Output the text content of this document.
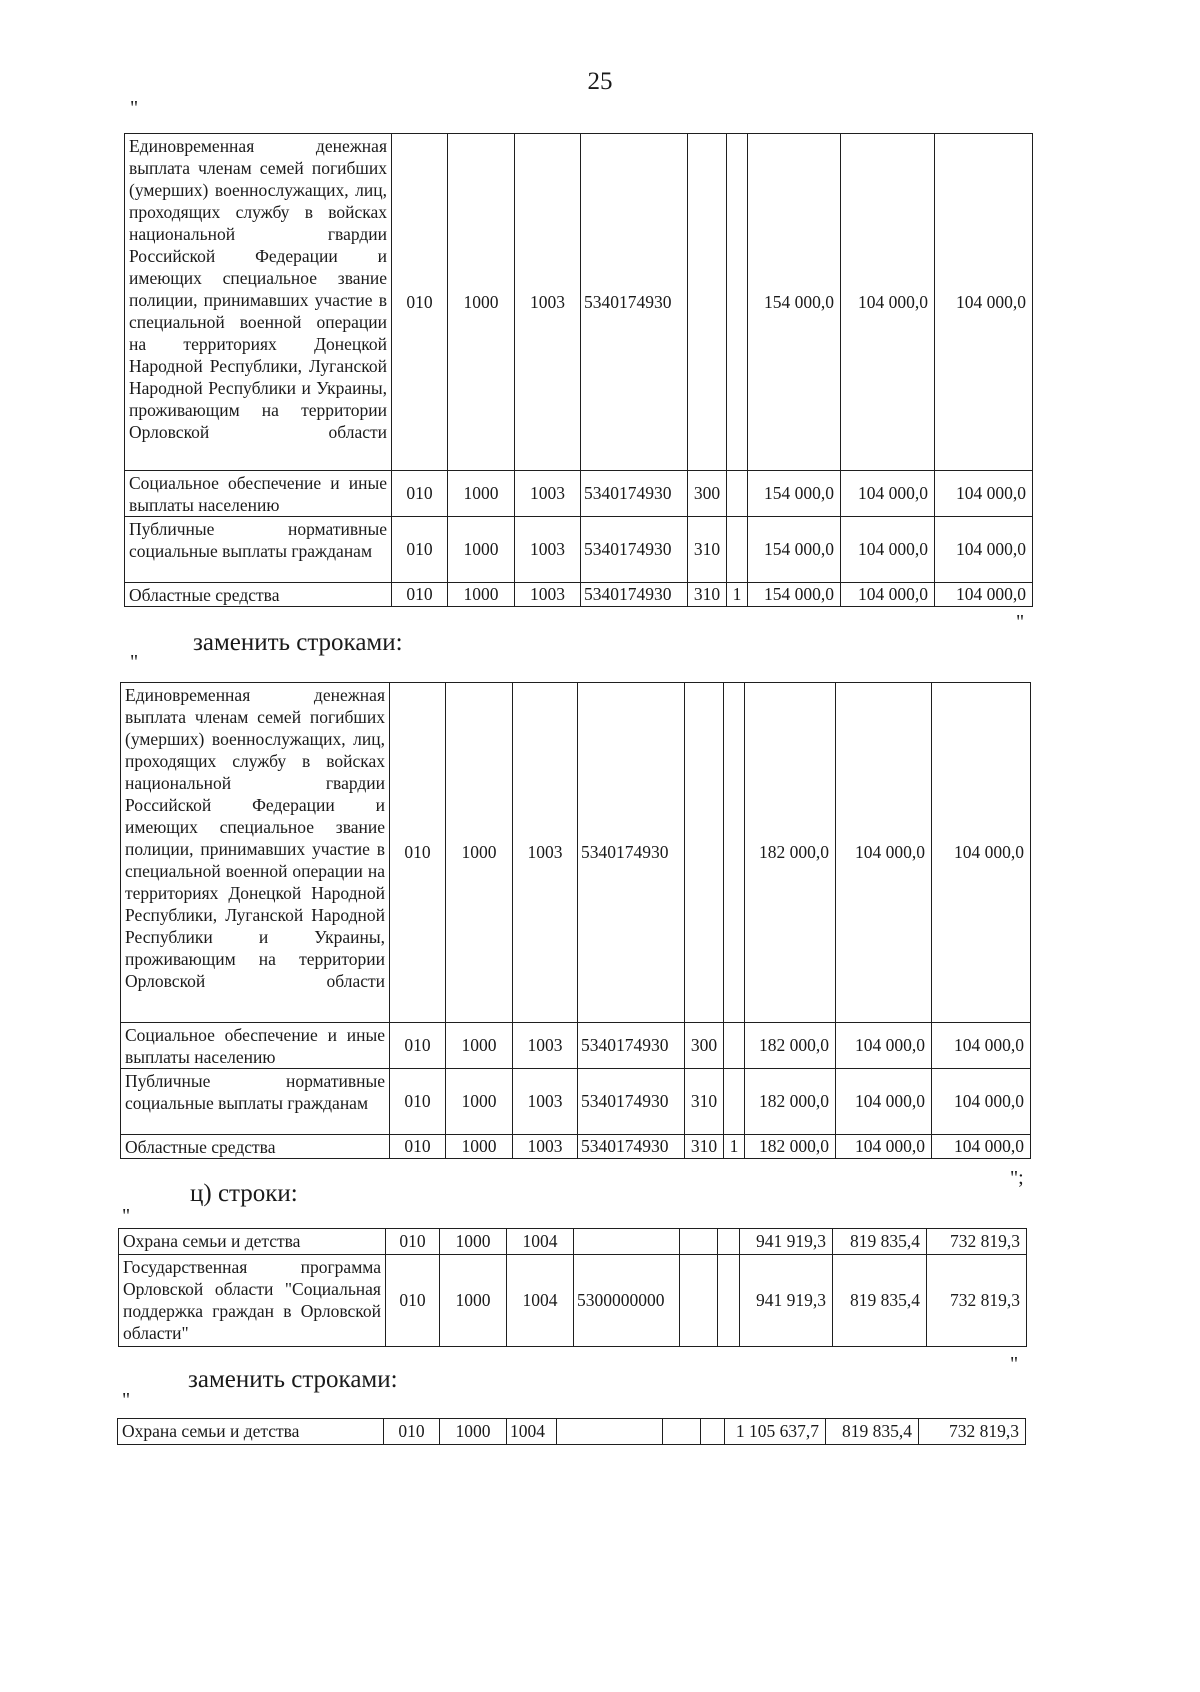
25
"
Единовременная денежная выплата членам семей погибших (умерших) военнослужащих, лиц, проходящих службу в войсках национальной гвардии Российской Федерации и имеющих специальное звание полиции, принимавших участие в специальной военной операции на территориях Донецкой Народной Республики, Луганской Народной Республики и Украины, проживающим на территории Орловской области	010	1000	1003	5340174930			154 000,0	104 000,0	104 000,0
Социальное обеспечение и иные выплаты населению	010	1000	1003	5340174930	300		154 000,0	104 000,0	104 000,0
Публичные нормативные социальные выплаты гражданам	010	1000	1003	5340174930	310		154 000,0	104 000,0	104 000,0
Областные средства	010	1000	1003	5340174930	310	1	154 000,0	104 000,0	104 000,0
"
заменить строками:
"
Единовременная денежная выплата членам семей погибших (умерших) военнослужащих, лиц, проходящих службу в войсках национальной гвардии Российской Федерации и имеющих специальное звание полиции, принимавших участие в специальной военной операции на территориях Донецкой Народной Республики, Луганской Народной Республики и Украины, проживающим на территории Орловской области	010	1000	1003	5340174930			182 000,0	104 000,0	104 000,0
Социальное обеспечение и иные выплаты населению	010	1000	1003	5340174930	300		182 000,0	104 000,0	104 000,0
Публичные нормативные социальные выплаты гражданам	010	1000	1003	5340174930	310		182 000,0	104 000,0	104 000,0
Областные средства	010	1000	1003	5340174930	310	1	182 000,0	104 000,0	104 000,0
";
ц) строки:
"
Охрана семьи и детства	010	1000	1004				941 919,3	819 835,4	732 819,3
Государственная программа Орловской области "Социальная поддержка граждан в Орловской области"	010	1000	1004	5300000000			941 919,3	819 835,4	732 819,3
"
заменить строками:
"
Охрана семьи и детства	010	1000	1004				1 105 637,7	819 835,4	732 819,3
